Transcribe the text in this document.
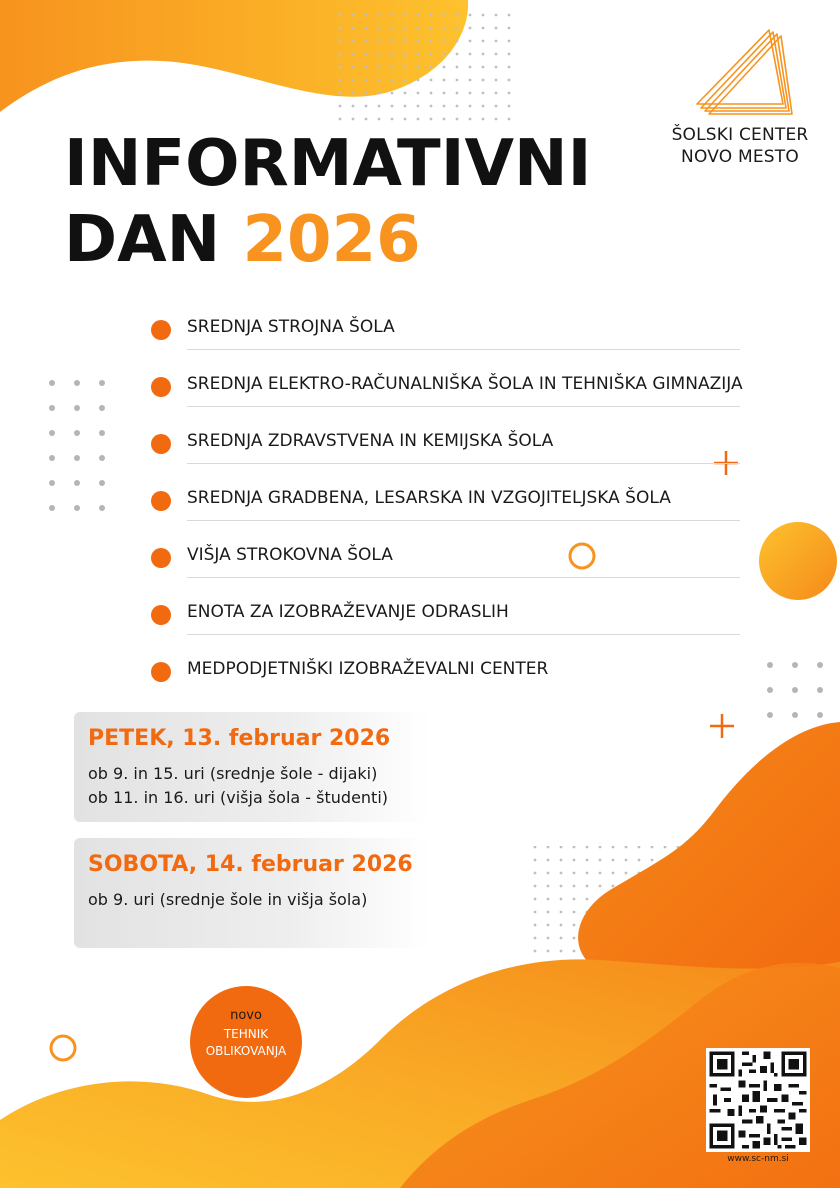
ŠOLSKI CENTER
NOVO MESTO
INFORMATIVNI
DAN 2026
SREDNJA STROJNA ŠOLA
SREDNJA ELEKTRO-RAČUNALNIŠKA ŠOLA IN TEHNIŠKA GIMNAZIJA
SREDNJA ZDRAVSTVENA IN KEMIJSKA ŠOLA
SREDNJA GRADBENA, LESARSKA IN VZGOJITELJSKA ŠOLA
VIŠJA STROKOVNA ŠOLA
ENOTA ZA IZOBRAŽEVANJE ODRASLIH
MEDPODJETNIŠKI IZOBRAŽEVALNI CENTER
PETEK, 13. februar 2026
ob 9. in 15. uri (srednje šole - dijaki)
ob 11. in 16. uri (višja šola - študenti)
SOBOTA, 14. februar 2026
ob 9. uri (srednje šole in višja šola)
novo
TEHNIK
OBLIKOVANJA
www.sc-nm.si
